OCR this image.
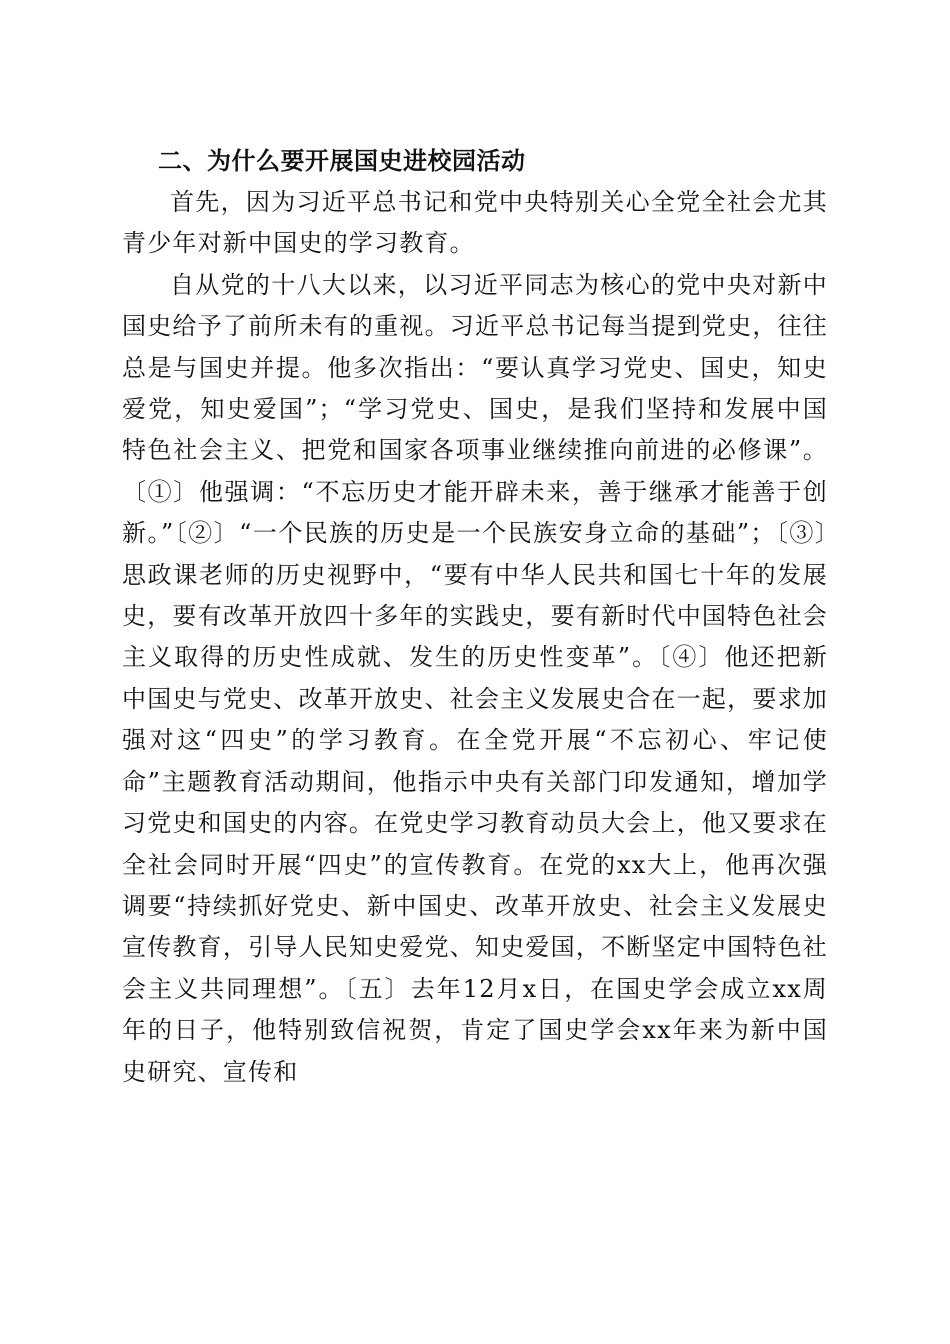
二、为什么要开展国史进校园活动

首先，因为习近平总书记和党中央特别关心全党全社会尤其青少年对新中国史的学习教育。

自从党的十八大以来，以习近平同志为核心的党中央对新中国史给予了前所未有的重视。习近平总书记每当提到党史，往往总是与国史并提。他多次指出：“要认真学习党史、国史，知史爱党，知史爱国”；“学习党史、国史，是我们坚持和发展中国特色社会主义、把党和国家各项事业继续推向前进的必修课”。〔①〕他强调：“不忘历史才能开辟未来，善于继承才能善于创新。”〔②〕“一个民族的历史是一个民族安身立命的基础”；〔③〕思政课老师的历史视野中，“要有中华人民共和国七十年的发展史，要有改革开放四十多年的实践史，要有新时代中国特色社会主义取得的历史性成就、发生的历史性变革”。〔④〕他还把新中国史与党史、改革开放史、社会主义发展史合在一起，要求加强对这“四史”的学习教育。在全党开展“不忘初心、牢记使命”主题教育活动期间，他指示中央有关部门印发通知，增加学习党史和国史的内容。在党史学习教育动员大会上，他又要求在全社会同时开展“四史”的宣传教育。在党的xx大上，他再次强调要“持续抓好党史、新中国史、改革开放史、社会主义发展史宣传教育，引导人民知史爱党、知史爱国，不断坚定中国特色社会主义共同理想”。〔五〕去年12月x日，在国史学会成立xx周年的日子，他特别致信祝贺，肯定了国史学会xx年来为新中国史研究、宣传和
